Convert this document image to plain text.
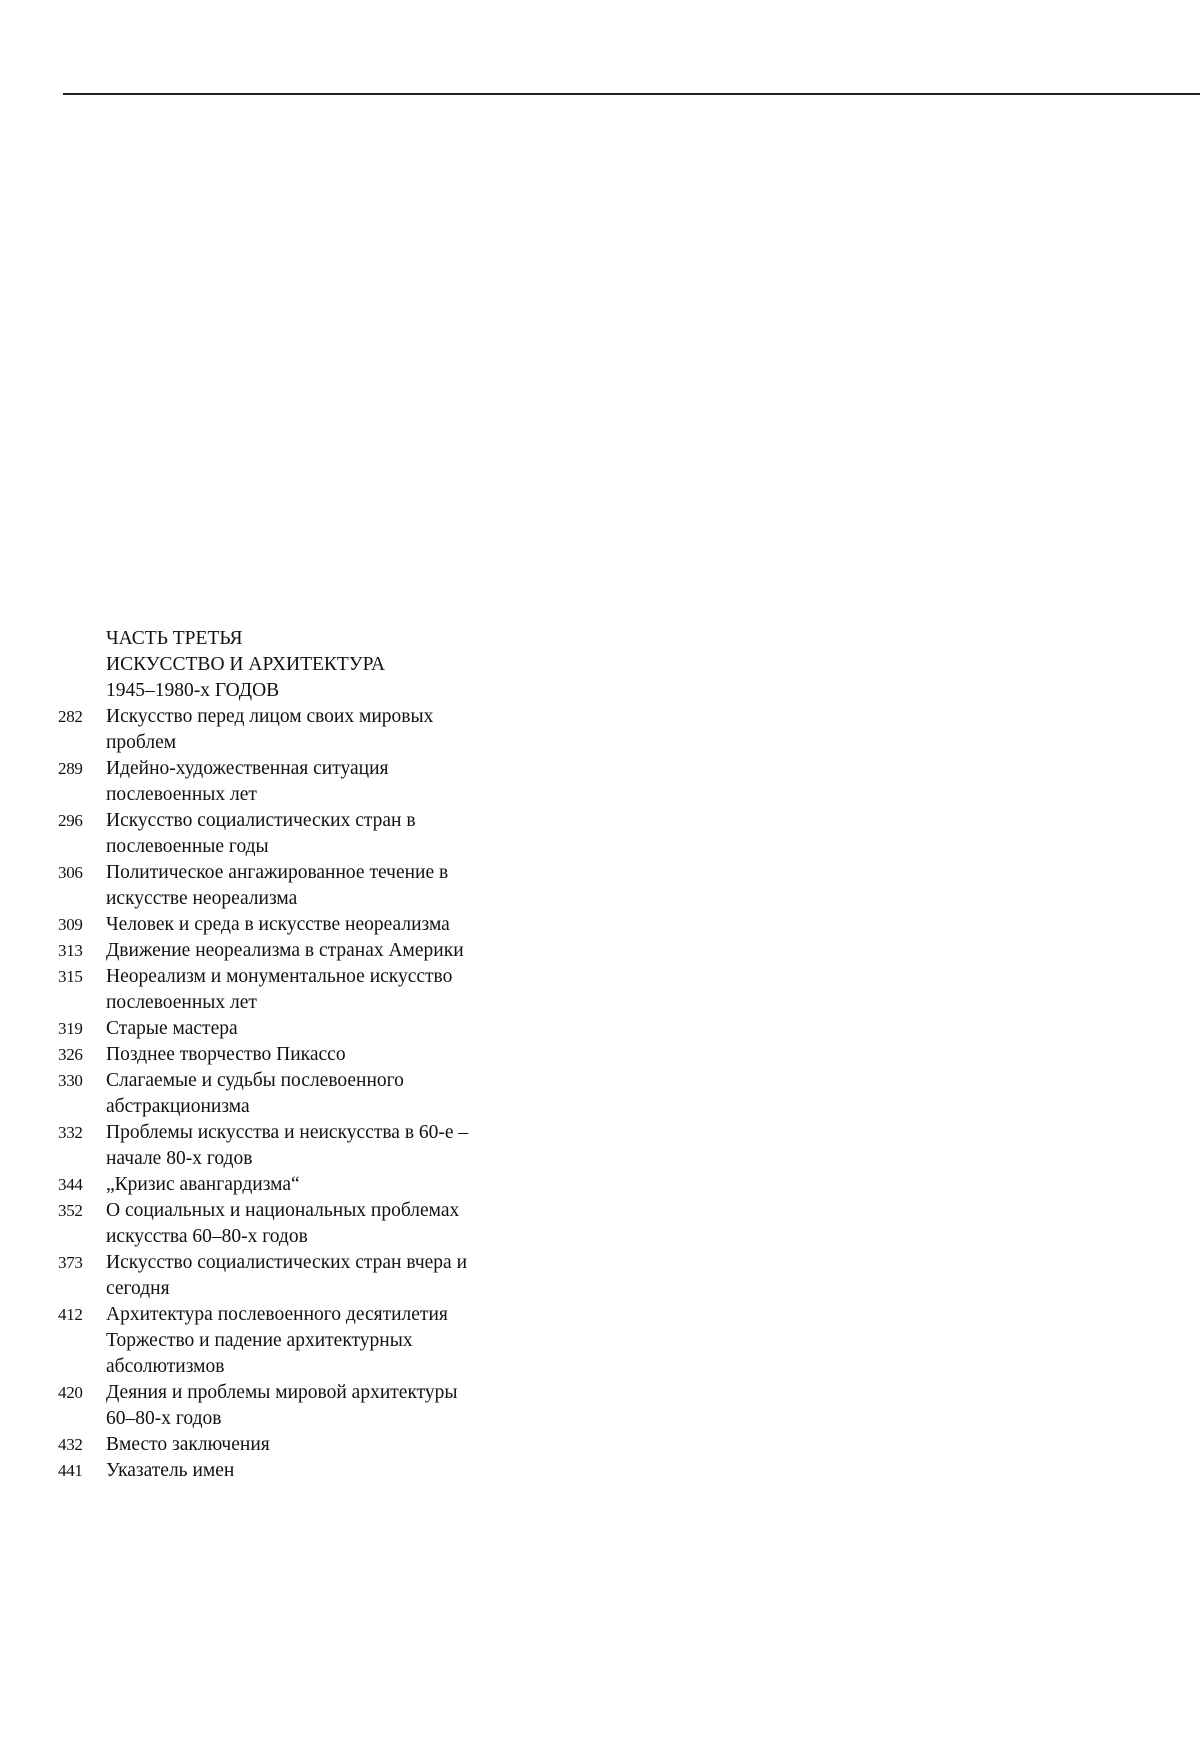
ЧАСТЬ ТРЕТЬЯ
ИСКУССТВО И АРХИТЕКТУРА
1945–1980-х ГОДОВ
282	Искусство перед лицом своих мировых
проблем
289	Идейно-художественная ситуация
послевоенных лет
296	Искусство социалистических стран в
послевоенные годы
306	Политическое ангажированное течение в
искусстве неореализма
309	Человек и среда в искусстве неореализма
313	Движение неореализма в странах Америки
315	Неореализм и монументальное искусство
послевоенных лет
319	Старые мастера
326	Позднее творчество Пикассо
330	Слагаемые и судьбы послевоенного
абстракционизма
332	Проблемы искусства и неискусства в 60-е –
начале 80-х годов
344	„Кризис авангардизма“
352	О социальных и национальных проблемах
искусства 60–80-х годов
373	Искусство социалистических стран вчера и
сегодня
412	Архитектура послевоенного десятилетия
Торжество и падение архитектурных
абсолютизмов
420	Деяния и проблемы мировой архитектуры
60–80-х годов
432	Вместо заключения
441	Указатель имен
